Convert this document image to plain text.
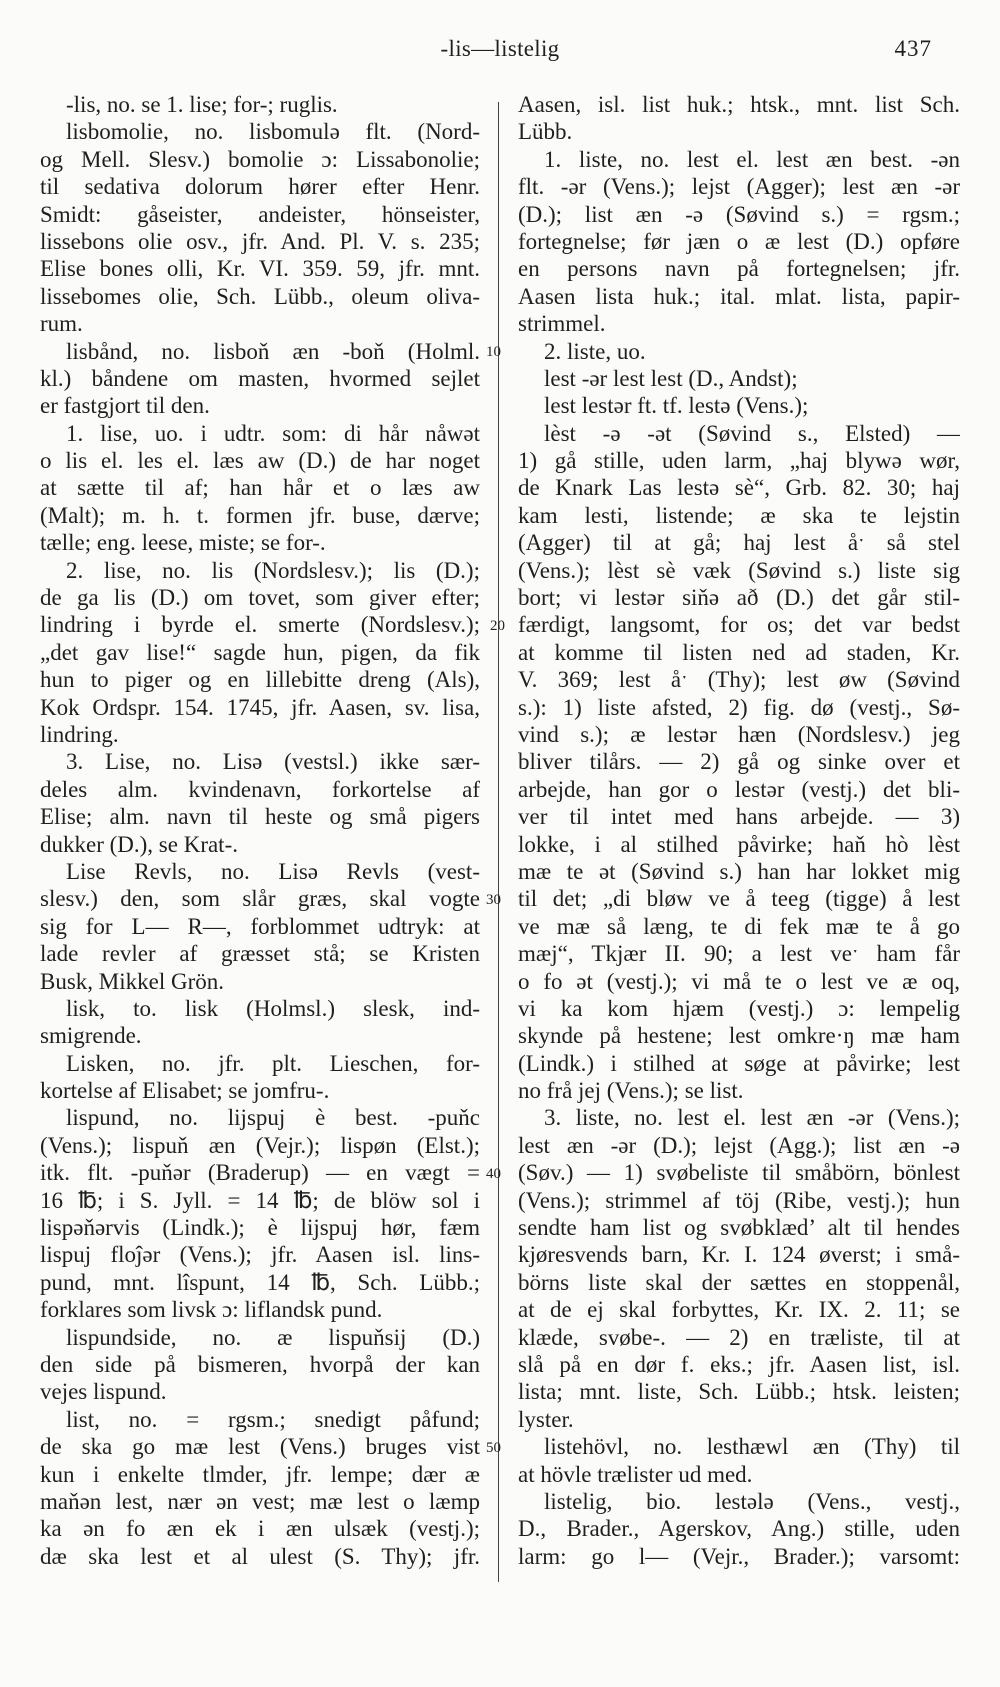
-lis—listelig	437
-lis, no. se 1. lise; for-; ruglis.
lisbomolie, no. lisbomulə flt. (Nord-
og Mell. Slesv.) bomolie ɔ: Lissabonolie;
til sedativa dolorum hører efter Henr.
Smidt: gåseister, andeister, hönseister,
lissebons olie osv., jfr. And. Pl. V. s. 235;
Elise bones olli, Kr. VI. 359. 59, jfr. mnt.
lissebomes olie, Sch. Lübb., oleum oliva-
rum.
lisbånd, no. lisboň æn -boň (Holml.
kl.) båndene om masten, hvormed sejlet
er fastgjort til den.
1. lise, uo. i udtr. som: di hår nåwət
o lis el. les el. læs aw (D.) de har noget
at sætte til af; han hår et o læs aw
(Malt); m. h. t. formen jfr. buse, dærve;
tælle; eng. leese, miste; se for-.
2. lise, no. lis (Nordslesv.); lis (D.);
de ga lis (D.) om tovet, som giver efter;
lindring i byrde el. smerte (Nordslesv.);
„det gav lise!“ sagde hun, pigen, da fik
hun to piger og en lillebitte dreng (Als),
Kok Ordspr. 154. 1745, jfr. Aasen, sv. lisa,
lindring.
3. Lise, no. Lisə (vestsl.) ikke sær-
deles alm. kvindenavn, forkortelse af
Elise; alm. navn til heste og små pigers
dukker (D.), se Krat-.
Lise Revls, no. Lisə Revls (vest-
slesv.) den, som slår græs, skal vogte
sig for L— R—, forblommet udtryk: at
lade revler af græsset stå; se Kristen
Busk, Mikkel Grön.
lisk, to. lisk (Holmsl.) slesk, ind-
smigrende.
Lisken, no. jfr. plt. Lieschen, for-
kortelse af Elisabet; se jomfru-.
lispund, no. lijspuj è best. -puňc
(Vens.); lispuň æn (Vejr.); lispøn (Elst.);
itk. flt. -puňər (Braderup) — en vægt =
16 ℔; i S. Jyll. = 14 ℔; de blöw sol i
lispəňərvis (Lindk.); è lijspuj hør, fæm
lispuj floĵər (Vens.); jfr. Aasen isl. lins-
pund, mnt. lîspunt, 14 ℔, Sch. Lübb.;
forklares som livsk ɔ: liflandsk pund.
lispundside, no. æ lispuňsij (D.)
den side på bismeren, hvorpå der kan
vejes lispund.
list, no. = rgsm.; snedigt påfund;
de ska go mæ lest (Vens.) bruges vist
kun i enkelte tlmder, jfr. lempe; dær æ
maňən lest, nær ən vest; mæ lest o læmp
ka ən fo æn ek i æn ulsæk (vestj.);
dæ ska lest et al ulest (S. Thy); jfr.
Aasen, isl. list huk.; htsk., mnt. list Sch.
Lübb.
1. liste, no. lest el. lest æn best. -ən
flt. -ər (Vens.); lejst (Agger); lest æn -ər
(D.); list æn -ə (Søvind s.) = rgsm.;
fortegnelse; før jæn o æ lest (D.) opføre
en persons navn på fortegnelsen; jfr.
Aasen lista huk.; ital. mlat. lista, papir-
strimmel.
2. liste, uo.
lest -ər lest lest (D., Andst);
lest lestər ft. tf. lestə (Vens.);
lèst -ə -ət (Søvind s., Elsted) —
1) gå stille, uden larm, „haj blywə wør,
de Knark Las lestə sè“, Grb. 82. 30; haj
kam lesti, listende; æ ska te lejstin
(Agger) til at gå; haj lest åˑ så stel
(Vens.); lèst sè væk (Søvind s.) liste sig
bort; vi lestər siňə að (D.) det går stil-
færdigt, langsomt, for os; det var bedst
at komme til listen ned ad staden, Kr.
V. 369; lest åˑ (Thy); lest øw (Søvind
s.): 1) liste afsted, 2) fig. dø (vestj., Sø-
vind s.); æ lestər hæn (Nordslesv.) jeg
bliver tilårs. — 2) gå og sinke over et
arbejde, han gor o lestər (vestj.) det bli-
ver til intet med hans arbejde. — 3)
lokke, i al stilhed påvirke; haň hò lèst
mæ te ət (Søvind s.) han har lokket mig
til det; „di bløw ve å teeg (tigge) å lest
ve mæ så læng, te di fek mæ te å go
mæj“, Tkjær II. 90; a lest veˑ ham får
o fo ət (vestj.); vi må te o lest ve æ oq,
vi ka kom hjæm (vestj.) ɔ: lempelig
skynde på hestene; lest omkre·ŋ mæ ham
(Lindk.) i stilhed at søge at påvirke; lest
no frå jej (Vens.); se list.
3. liste, no. lest el. lest æn -ər (Vens.);
lest æn -ər (D.); lejst (Agg.); list æn -ə
(Søv.) — 1) svøbeliste til småbörn, bönlest
(Vens.); strimmel af töj (Ribe, vestj.); hun
sendte ham list og svøbklæd’ alt til hendes
kjøresvends barn, Kr. I. 124 øverst; i små-
börns liste skal der sættes en stoppenål,
at de ej skal forbyttes, Kr. IX. 2. 11; se
klæde, svøbe-. — 2) en træliste, til at
slå på en dør f. eks.; jfr. Aasen list, isl.
lista; mnt. liste, Sch. Lübb.; htsk. leisten;
lyster.
listehövl, no. lesthæwl æn (Thy) til
at hövle trælister ud med.
listelig, bio. lestələ (Vens., vestj.,
D., Brader., Agerskov, Ang.) stille, uden
larm: go l— (Vejr., Brader.); varsomt:
10
20
30
40
50
